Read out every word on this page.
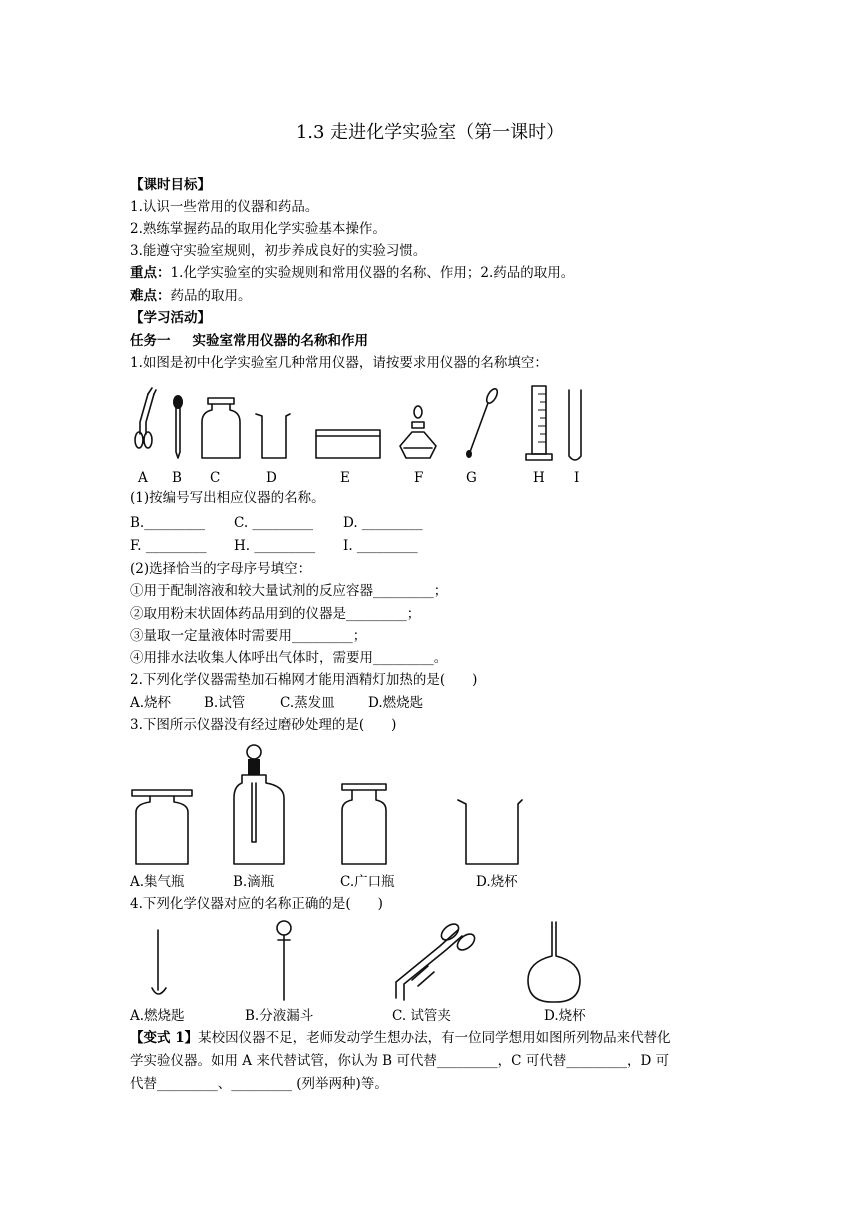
1.3 走进化学实验室（第一课时）
【课时目标】
1.认识一些常用的仪器和药品。
2.熟练掌握药品的取用化学实验基本操作。
3.能遵守实验室规则，初步养成良好的实验习惯。
重点：1.化学实验室的实验规则和常用仪器的名称、作用；2.药品的取用。
难点：药品的取用。
【学习活动】
任务一 实验室常用仪器的名称和作用
1.如图是初中化学实验室几种常用仪器，请按要求用仪器的名称填空：
A B C	D	E	F	G	H I
(1)按编号写出相应仪器的名称。
B._________ C. _________ D. _________
F. _________ H. _________ I. _________
(2)选择恰当的字母序号填空：
①用于配制溶液和较大量试剂的反应容器_________；
②取用粉末状固体药品用到的仪器是_________；
③量取一定量液体时需要用_________；
④用排水法收集人体呼出气体时，需要用_________。
2.下列化学仪器需垫加石棉网才能用酒精灯加热的是(　　)
A.烧杯 B.试管	C.蒸发皿 D.燃烧匙
3.下图所示仪器没有经过磨砂处理的是(　　)
A.集气瓶	B.滴瓶	C.广口瓶	D.烧杯
4.下列化学仪器对应的名称正确的是(　　)
A.燃烧匙	B.分液漏斗	C. 试管夹	D.烧杯
【变式 1】某校因仪器不足，老师发动学生想办法，有一位同学想用如图所列物品来代替化
学实验仪器。如用 A 来代替试管，你认为 B 可代替_________，C 可代替_________，D 可
代替_________、_________ (列举两种)等。
